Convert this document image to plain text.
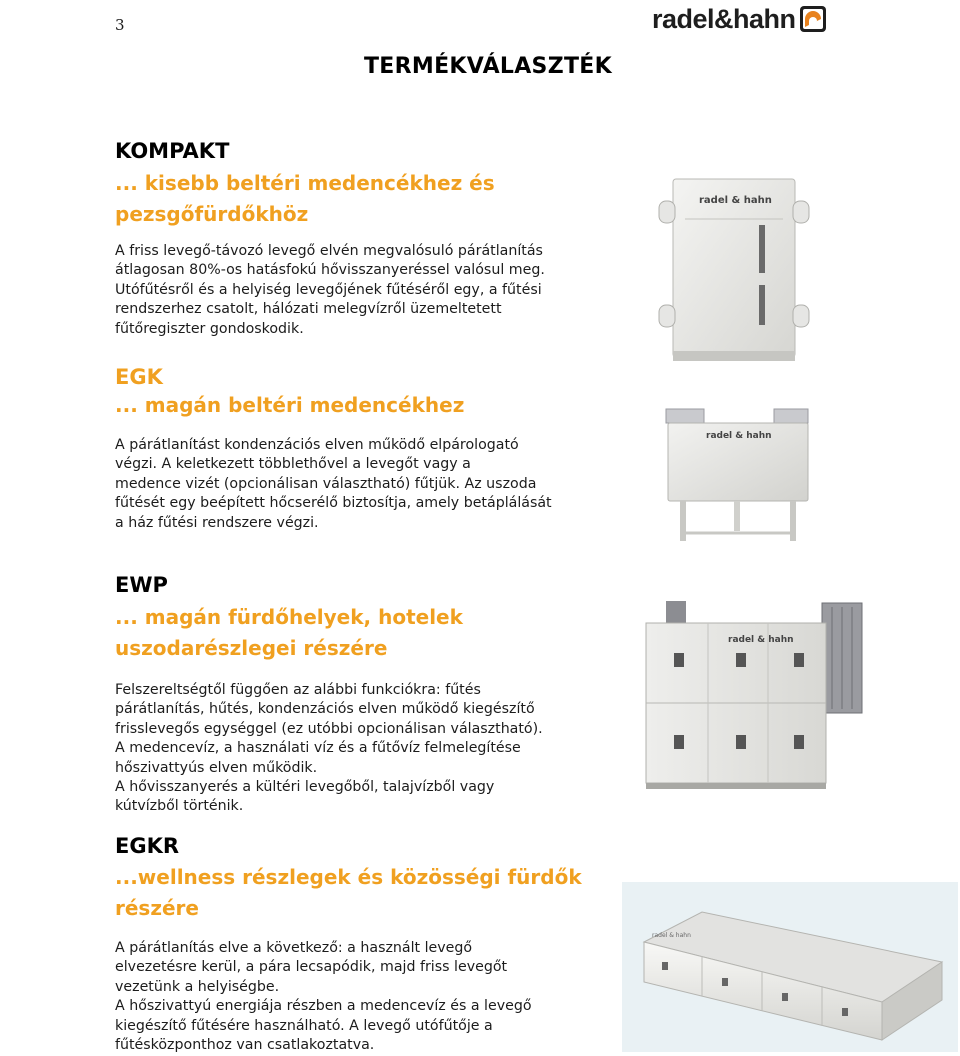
3	radel&hahn
TERMÉKVÁLASZTÉK
KOMPAKT
... kisebb beltéri medencékhez és pezsgőfürdőkhöz
A friss levegő-távozó levegő elvén megvalósuló párátlanítás
átlagosan 80%-os hatásfokú hővisszanyeréssel valósul meg.
Utófűtésről és a helyiség levegőjének fűtéséről egy, a fűtési
rendszerhez csatolt, hálózati melegvízről üzemeltetett
fűtőregiszter gondoskodik.
EGK
... magán beltéri medencékhez
A párátlanítást kondenzációs elven működő elpárologató
végzi. A keletkezett többlethővel a levegőt vagy a
medence vizét (opcionálisan választható) fűtjük. Az uszoda
fűtését egy beépített hőcserélő biztosítja, amely betáplálását
a ház fűtési rendszere végzi.
EWP
... magán fürdőhelyek, hotelek uszodarészlegei részére
Felszereltségtől függően az alábbi funkciókra: fűtés
párátlanítás, hűtés, kondenzációs elven működő kiegészítő
frisslevegős egységgel (ez utóbbi opcionálisan választható).
A medencevíz, a használati víz és a fűtővíz felmelegítése
hőszivattyús elven működik.
A hővisszanyerés a kültéri levegőből, talajvízből vagy
kútvízből történik.
EGKR
...wellness részlegek és közösségi fürdők részére
A párátlanítás elve a következő: a használt levegő
elvezetésre kerül, a pára lecsapódik, majd friss levegőt
vezetünk a helyiségbe.
A hőszivattyú energiája részben a medencevíz és a levegő
kiegészítő fűtésére használható. A levegő utófűtője a
fűtésközponthoz van csatlakoztatva.
radel & hahn
radel & hahn
radel & hahn
radel & hahn
